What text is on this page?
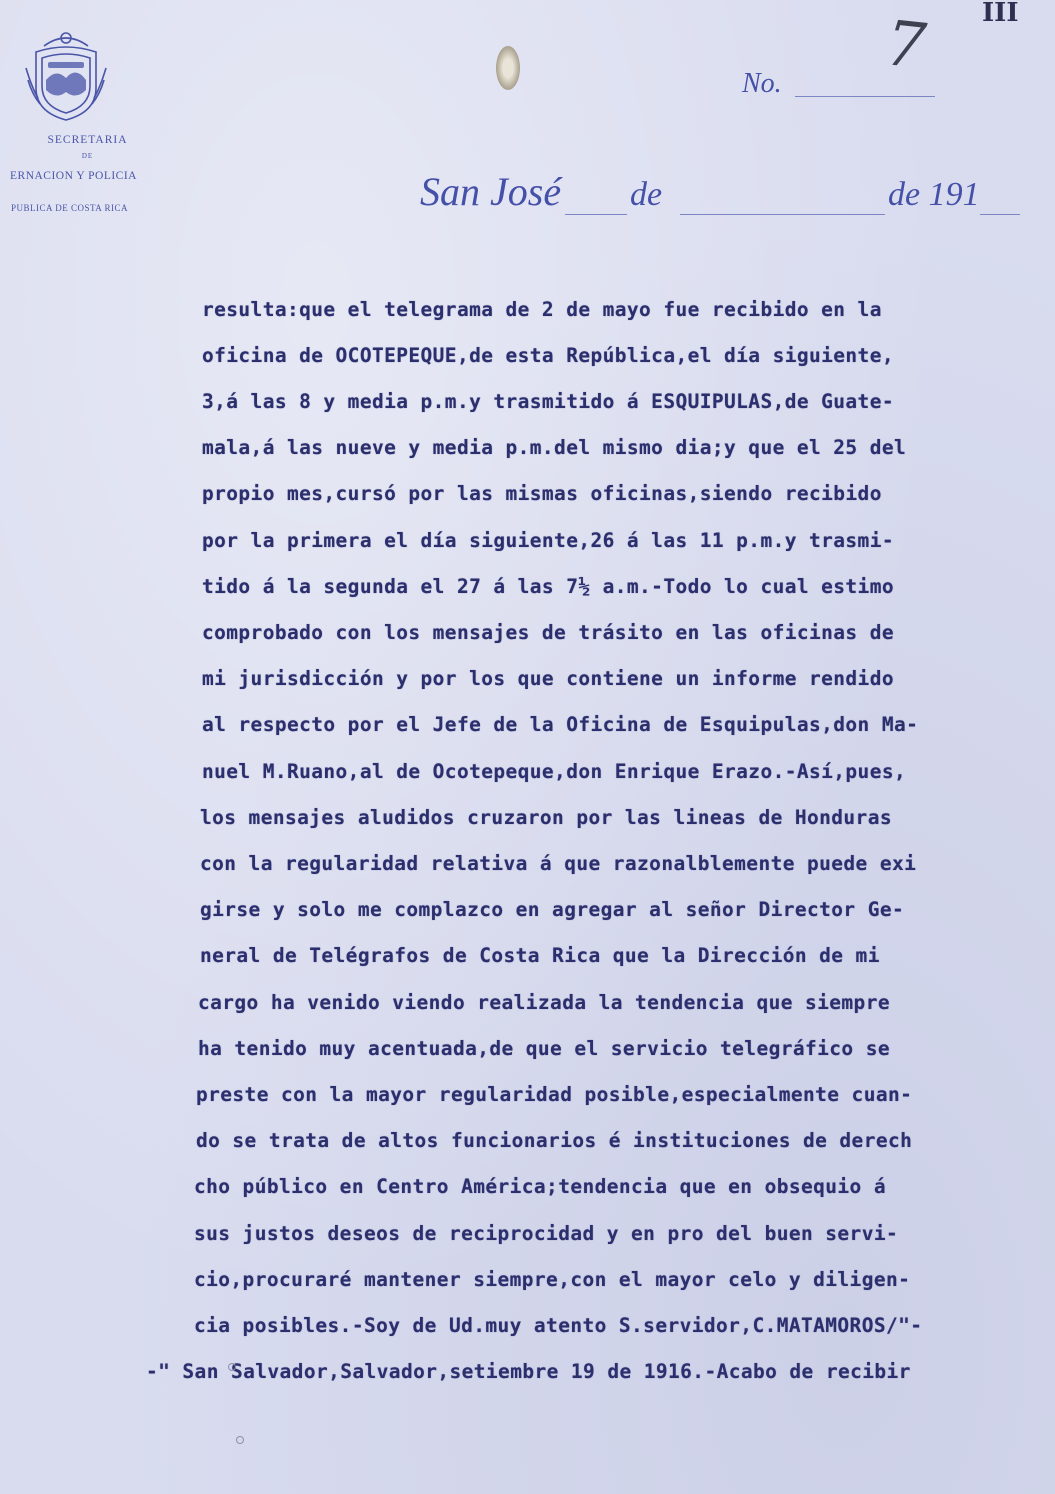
SECRETARIA
DE
ERNACION Y POLICIA
PUBLICA DE COSTA RICA
No.
7 III
San José de	de 191
resulta:que el telegrama de 2 de mayo fue recibido en la
oficina de OCOTEPEQUE,de esta República,el día siguiente,
3,á las 8 y media p.m.y trasmitido á ESQUIPULAS,de Guate-
mala,á las nueve y media p.m.del mismo dia;y que el 25 del
propio mes,cursó por las mismas oficinas,siendo recibido
por la primera el día siguiente,26 á las 11 p.m.y trasmi-
tido á la segunda el 27 á las 7½ a.m.-Todo lo cual estimo
comprobado con los mensajes de trásito en las oficinas de
mi jurisdicción y por los que contiene un informe rendido
al respecto por el Jefe de la Oficina de Esquipulas,don Ma-
nuel M.Ruano,al de Ocotepeque,don Enrique Erazo.-Así,pues,
los mensajes aludidos cruzaron por las lineas de Honduras
con la regularidad relativa á que razonalblemente puede exi
girse y solo me complazco en agregar al señor Director Ge-
neral de Telégrafos de Costa Rica que la Dirección de mi
cargo ha venido viendo realizada la tendencia que siempre
ha tenido muy acentuada,de que el servicio telegráfico se
preste con la mayor regularidad posible,especialmente cuan-
do se trata de altos funcionarios é instituciones de derech
cho público en Centro América;tendencia que en obsequio á
sus justos deseos de reciprocidad y en pro del buen servi-
cio,procuraré mantener siempre,con el mayor celo y diligen-
cia posibles.-Soy de Ud.muy atento S.servidor,C.MATAMOROS/"-
-" San Salvador,Salvador,setiembre 19 de 1916.-Acabo de recibir
